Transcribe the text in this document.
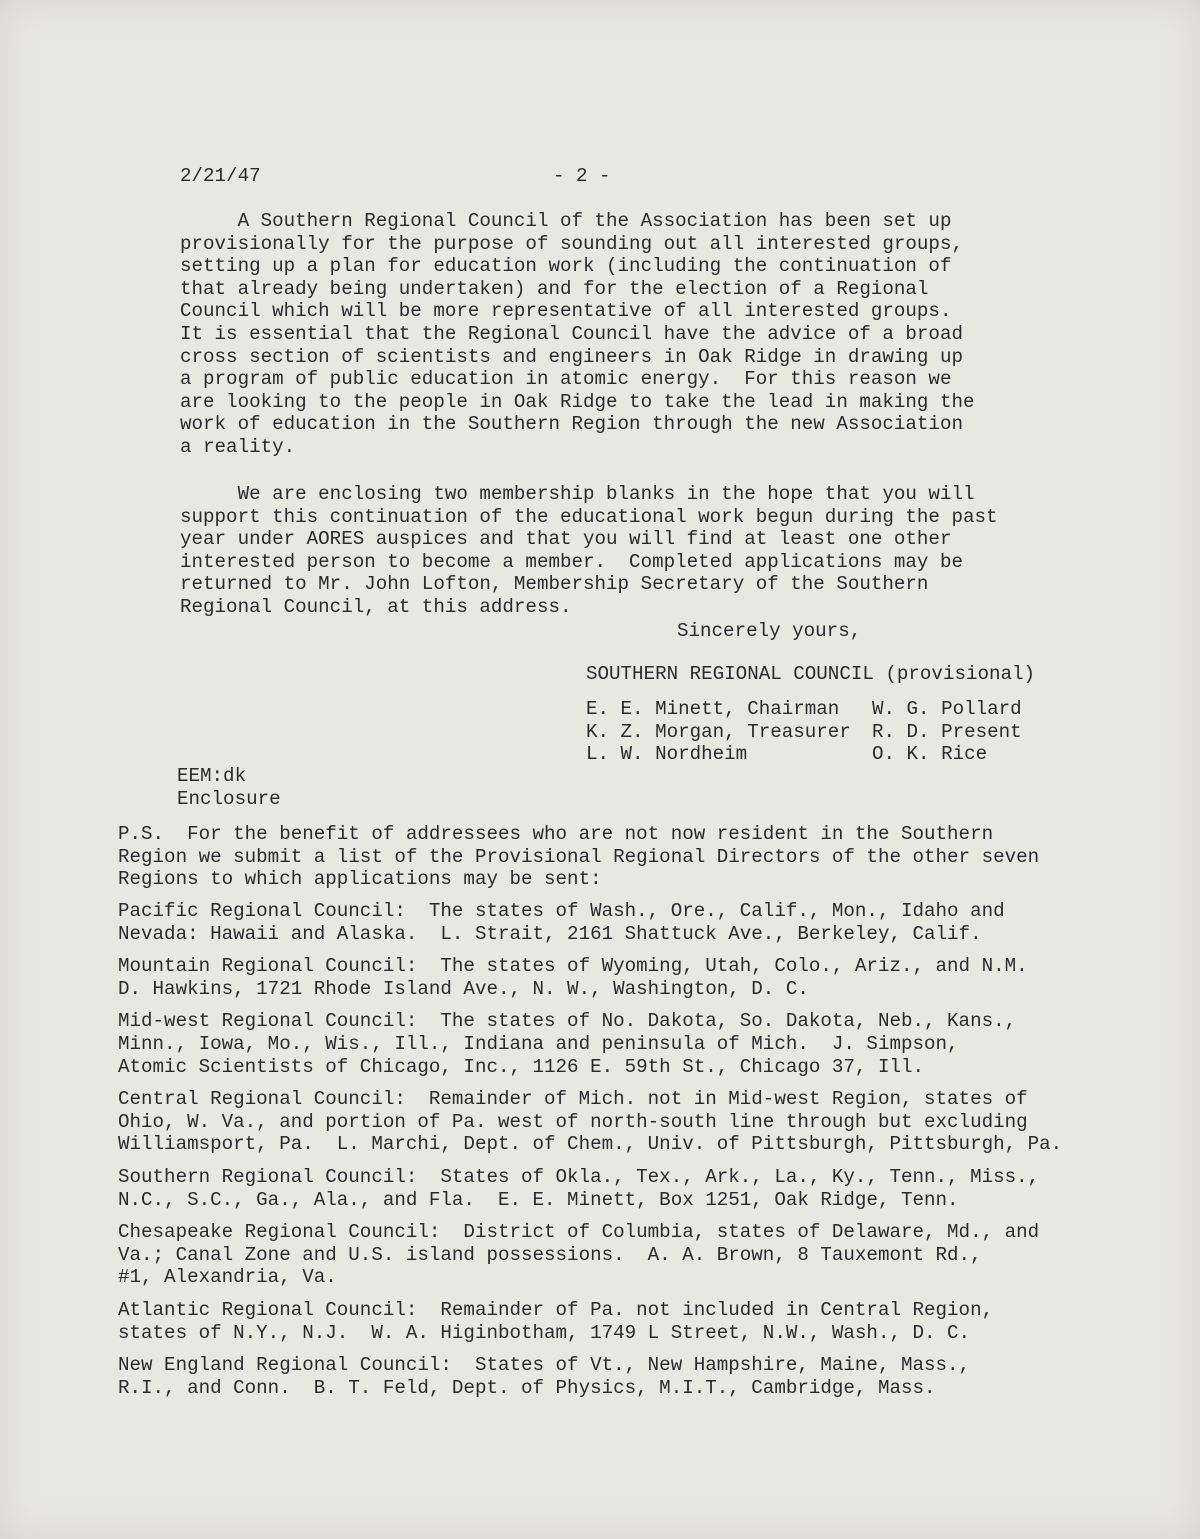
2/21/47	- 2 -
A Southern Regional Council of the Association has been set up
provisionally for the purpose of sounding out all interested groups,
setting up a plan for education work (including the continuation of
that already being undertaken) and for the election of a Regional
Council which will be more representative of all interested groups.
It is essential that the Regional Council have the advice of a broad
cross section of scientists and engineers in Oak Ridge in drawing up
a program of public education in atomic energy.  For this reason we
are looking to the people in Oak Ridge to take the lead in making the
work of education in the Southern Region through the new Association
a reality.
We are enclosing two membership blanks in the hope that you will
support this continuation of the educational work begun during the past
year under AORES auspices and that you will find at least one other
interested person to become a member.  Completed applications may be
returned to Mr. John Lofton, Membership Secretary of the Southern
Regional Council, at this address.
Sincerely yours,
SOUTHERN REGIONAL COUNCIL (provisional)
E. E. Minett, Chairman
K. Z. Morgan, Treasurer
L. W. Nordheim
W. G. Pollard
R. D. Present
O. K. Rice
EEM:dk
Enclosure
P.S.  For the benefit of addressees who are not now resident in the Southern
Region we submit a list of the Provisional Regional Directors of the other seven
Regions to which applications may be sent:
Pacific Regional Council:  The states of Wash., Ore., Calif., Mon., Idaho and
Nevada: Hawaii and Alaska.  L. Strait, 2161 Shattuck Ave., Berkeley, Calif.
Mountain Regional Council:  The states of Wyoming, Utah, Colo., Ariz., and N.M.
D. Hawkins, 1721 Rhode Island Ave., N. W., Washington, D. C.
Mid-west Regional Council:  The states of No. Dakota, So. Dakota, Neb., Kans.,
Minn., Iowa, Mo., Wis., Ill., Indiana and peninsula of Mich.  J. Simpson,
Atomic Scientists of Chicago, Inc., 1126 E. 59th St., Chicago 37, Ill.
Central Regional Council:  Remainder of Mich. not in Mid-west Region, states of
Ohio, W. Va., and portion of Pa. west of north-south line through but excluding
Williamsport, Pa.  L. Marchi, Dept. of Chem., Univ. of Pittsburgh, Pittsburgh, Pa.
Southern Regional Council:  States of Okla., Tex., Ark., La., Ky., Tenn., Miss.,
N.C., S.C., Ga., Ala., and Fla.  E. E. Minett, Box 1251, Oak Ridge, Tenn.
Chesapeake Regional Council:  District of Columbia, states of Delaware, Md., and
Va.; Canal Zone and U.S. island possessions.  A. A. Brown, 8 Tauxemont Rd.,
#1, Alexandria, Va.
Atlantic Regional Council:  Remainder of Pa. not included in Central Region,
states of N.Y., N.J.  W. A. Higinbotham, 1749 L Street, N.W., Wash., D. C.
New England Regional Council:  States of Vt., New Hampshire, Maine, Mass.,
R.I., and Conn.  B. T. Feld, Dept. of Physics, M.I.T., Cambridge, Mass.
